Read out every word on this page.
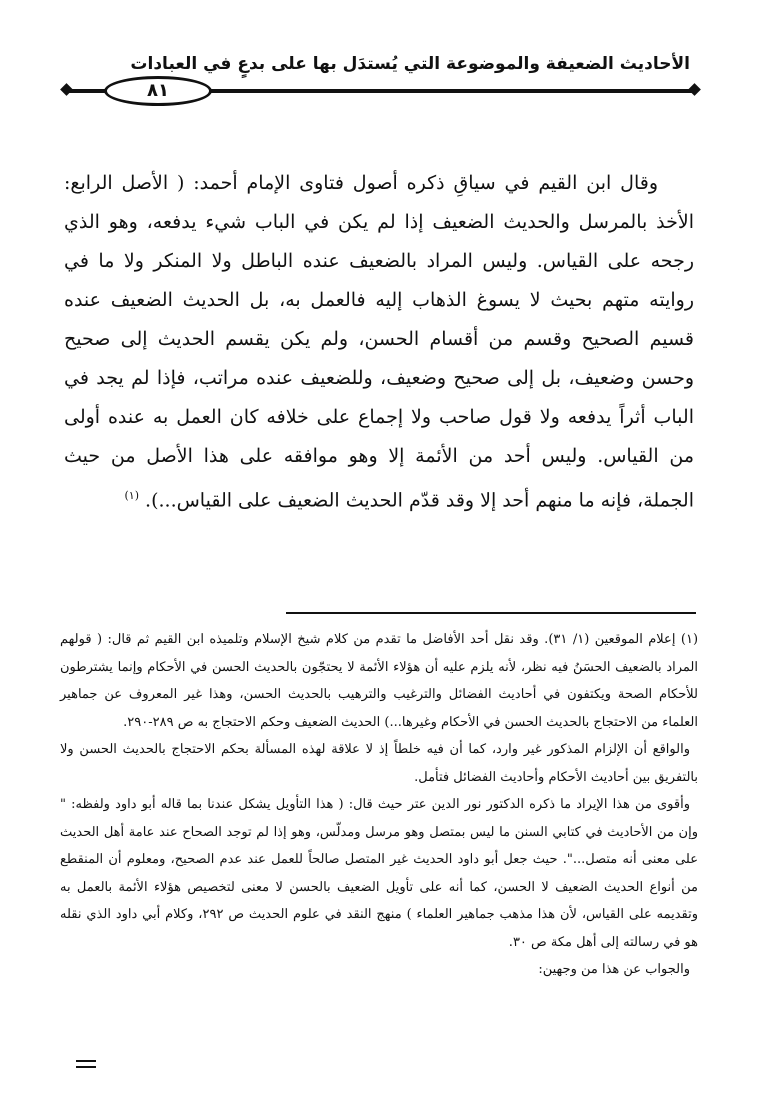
الأحاديث الضعيفة والموضوعة التي يُستدَل بها على بدعٍ في العبادات
٨١

وقال ابن القيم في سياقِ ذكره أصول فتاوى الإمام أحمد: ( الأصل الرابع: الأخذ بالمرسل والحديث الضعيف إذا لم يكن في الباب شيء يدفعه، وهو الذي رجحه على القياس. وليس المراد بالضعيف عنده الباطل ولا المنكر ولا ما في روايته متهم بحيث لا يسوغ الذهاب إليه فالعمل به، بل الحديث الضعيف عنده قسيم الصحيح وقسم من أقسام الحسن، ولم يكن يقسم الحديث إلى صحيح وحسن وضعيف، بل إلى صحيح وضعيف، وللضعيف عنده مراتب، فإذا لم يجد في الباب أثراً يدفعه ولا قول صاحب ولا إجماع على خلافه كان العمل به عنده أولى من القياس. وليس أحد من الأئمة إلا وهو موافقه على هذا الأصل من حيث الجملة، فإنه ما منهم أحد إلا وقد قدّم الحديث الضعيف على القياس...). $^{(١)}$

(١) إعلام الموقعين (١/ ٣١). وقد نقل أحد الأفاضل ما تقدم من كلام شيخ الإسلام وتلميذه ابن القيم ثم قال: ( قولهم المراد بالضعيف الحسَنُ فيه نظر، لأنه يلزم عليه أن هؤلاء الأئمة لا يحتجّون بالحديث الحسن في الأحكام وإنما يشترطون للأحكام الصحة ويكتفون في أحاديث الفضائل والترغيب والترهيب بالحديث الحسن، وهذا غير المعروف عن جماهير العلماء من الاحتجاج بالحديث الحسن في الأحكام وغيرها...) الحديث الضعيف وحكم الاحتجاج به ص ٢٨٩-٢٩٠.

والواقع أن الإلزام المذكور غير وارد، كما أن فيه خلطاً إذ لا علاقة لهذه المسألة بحكم الاحتجاج بالحديث الحسن ولا بالتفريق بين أحاديث الأحكام وأحاديث الفضائل فتأمل.

وأقوى من هذا الإيراد ما ذكره الدكتور نور الدين عتر حيث قال: ( هذا التأويل يشكل عندنا بما قاله أبو داود ولفظه: " وإن من الأحاديث في كتابي السنن ما ليس بمتصل وهو مرسل ومدلّس، وهو إذا لم توجد الصحاح عند عامة أهل الحديث على معنى أنه متصل...". حيث جعل أبو داود الحديث غير المتصل صالحاً للعمل عند عدم الصحيح، ومعلوم أن المنقطع من أنواع الحديث الضعيف لا الحسن، كما أنه على تأويل الضعيف بالحسن لا معنى لتخصيص هؤلاء الأئمة بالعمل به وتقديمه على القياس، لأن هذا مذهب جماهير العلماء ) منهج النقد في علوم الحديث ص ٢٩٢، وكلام أبي داود الذي نقله هو في رسالته إلى أهل مكة ص ٣٠.

والجواب عن هذا من وجهين:
